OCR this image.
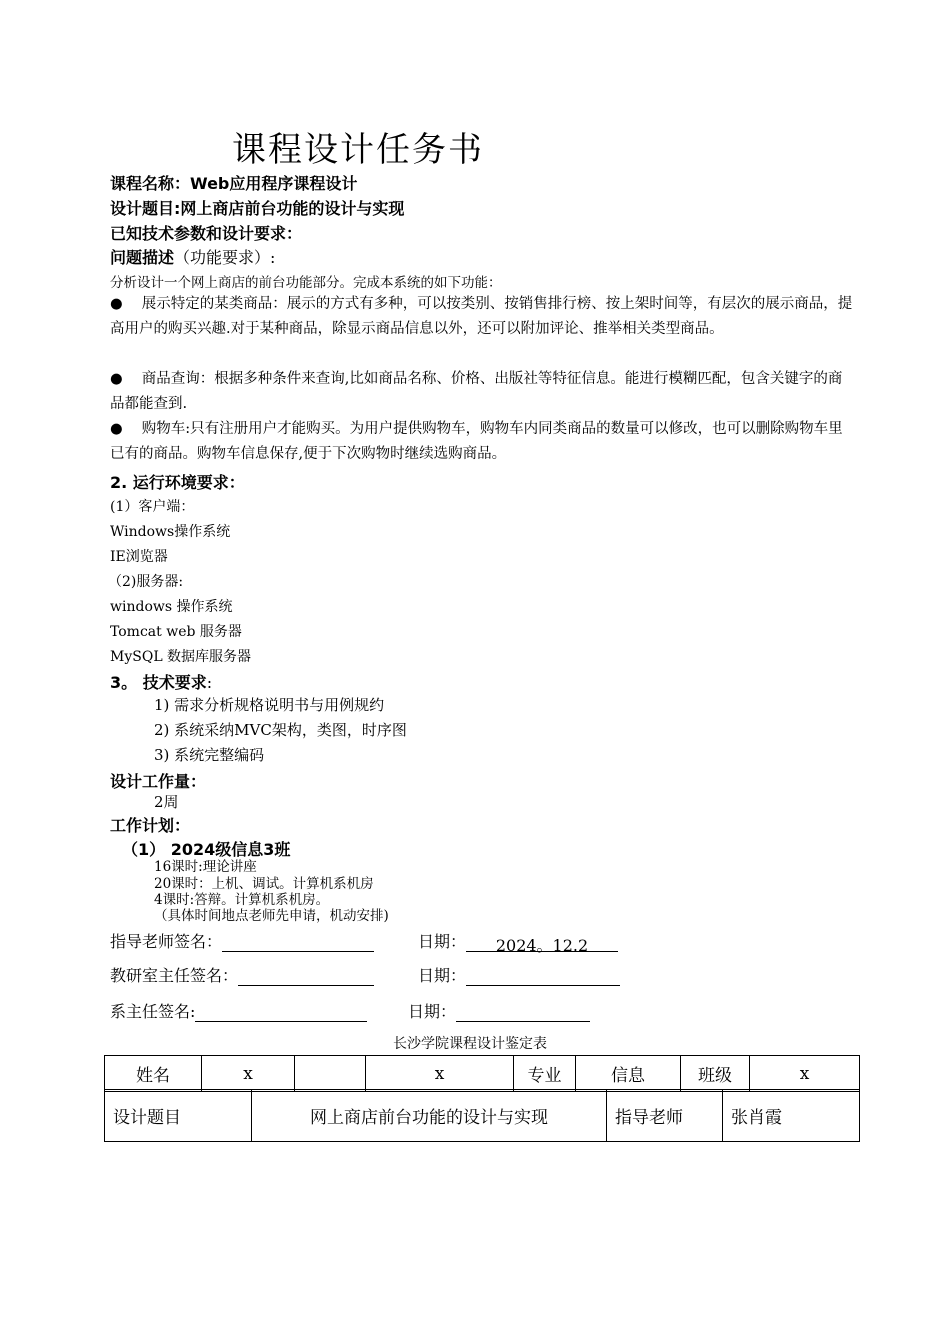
课程设计任务书
课程名称：Web应用程序课程设计
设计题目:网上商店前台功能的设计与实现
已知技术参数和设计要求：
问题描述（功能要求）:
分析设计一个网上商店的前台功能部分。完成本系统的如下功能：
●　 展示特定的某类商品：展示的方式有多种，可以按类别、按销售排行榜、按上架时间等，有层次的展示商品，提高用户的购买兴趣.对于某种商品，除显示商品信息以外，还可以附加评论、推举相关类型商品。
●　 商品查询：根据多种条件来查询,比如商品名称、价格、出版社等特征信息。能进行模糊匹配，包含关键字的商品都能查到.
●　 购物车:只有注册用户才能购买。为用户提供购物车，购物车内同类商品的数量可以修改，也可以删除购物车里已有的商品。购物车信息保存,便于下次购物时继续选购商品。
2. 运行环境要求：
(1）客户端：
Windows操作系统
IE浏览器
（2)服务器:
windows 操作系统
Tomcat web 服务器
MySQL 数据库服务器
3。 技术要求:
1) 需求分析规格说明书与用例规约
2) 系统采纳MVC架构，类图，时序图
3) 系统完整编码
设计工作量：
2周
工作计划：
（1） 2024级信息3班
16课时:理论讲座
20课时：上机、调试。计算机系机房
4课时:答辩。计算机系机房。
（具体时间地点老师先申请，机动安排)
指导老师签名：	日期： 2024。12.2
教研室主任签名：	日期：
系主任签名:	日期：
长沙学院课程设计鉴定表
姓名	x		x	专业	信息	班级	x
设计题目	网上商店前台功能的设计与实现	指导老师	张肖霞
